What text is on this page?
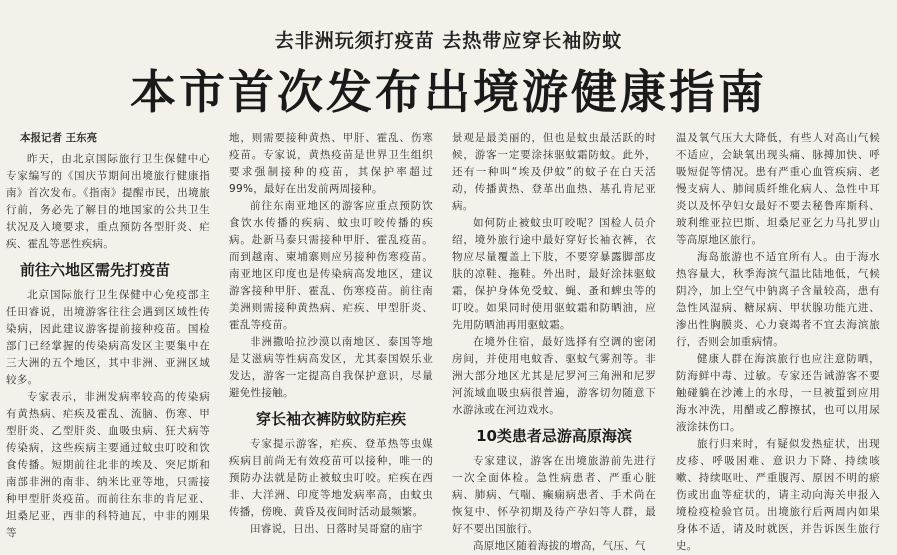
去非洲玩须打疫苗 去热带应穿长袖防蚊
本市首次发布出境游健康指南

本报记者 王东亮

昨天，由北京国际旅行卫生保健中心专家编写的《国庆节期间出境旅行健康指南》首次发布。《指南》提醒市民，出境旅行前，务必先了解目的地国家的公共卫生状况及入境要求，重点预防各型肝炎、疟疾、霍乱等恶性疾病。

前往六地区需先打疫苗

北京国际旅行卫生保健中心免疫部主任田睿说，出境游客往往会遇到区域性传染病，因此建议游客提前接种疫苗。国检部门已经掌握的传染病高发区主要集中在三大洲的五个地区，其中非洲、亚洲区域较多。

专家表示，非洲发病率较高的传染病有黄热病、疟疾及霍乱、流脑、伤寒、甲型肝炎、乙型肝炎、血吸虫病、狂犬病等传染病，这些疾病主要通过蚊虫叮咬和饮食传播。短期前往北非的埃及、突尼斯和南部非洲的南非、纳米比亚等地，只需接种甲型肝炎疫苗。而前往东非的肯尼亚、坦桑尼亚，西非的科特迪瓦，中非的刚果等

地，则需要接种黄热、甲肝、霍乱、伤寒疫苗。专家说，黄热疫苗是世界卫生组织要求强制接种的疫苗，其保护率超过99%，最好在出发前两周接种。

前往东南亚地区的游客应重点预防饮食饮水传播的疾病、蚊虫叮咬传播的疾病。赴新马泰只需接种甲肝、霍乱疫苗。而到越南、柬埔寨则应另接种伤寒疫苗。南亚地区印度也是传染病高发地区，建议游客接种甲肝、霍乱、伤寒疫苗。前往南美洲则需接种黄热病、疟疾、甲型肝炎、霍乱等疫苗。

非洲撒哈拉沙漠以南地区、泰国等地是艾滋病等性病高发区，尤其泰国娱乐业发达，游客一定提高自我保护意识，尽量避免性接触。

穿长袖衣裤防蚊防疟疾

专家提示游客，疟疾、登革热等虫媒疾病目前尚无有效疫苗可以接种，唯一的预防办法就是防止被蚊虫叮咬。疟疾在西非、大洋洲、印度等地发病率高，由蚊虫传播，傍晚、黄昏及夜间时活动最频繁。

田睿说，日出、日落时吴哥窟的庙宇

景观是最美丽的，但也是蚊虫最活跃的时候，游客一定要涂抹驱蚊霜防蚊。此外，还有一种叫“埃及伊蚊”的蚊子在白天活动，传播黄热、登革出血热、基孔肯尼亚病。

如何防止被蚊虫叮咬呢？国检人员介绍，境外旅行途中最好穿好长袖衣裤，衣物应尽量覆盖上下肢，不要穿暴露脚部皮肤的凉鞋、拖鞋。外出时，最好涂抹驱蚊霜，保护身体免受蚊、蝇、蚤和蜱虫等的叮咬。如果同时使用驱蚊霜和防晒油，应先用防晒油再用驱蚊霜。

在境外住宿，最好选择有空调的密闭房间，并使用电蚊香、驱蚊气雾剂等。非洲大部分地区尤其是尼罗河三角洲和尼罗河流域血吸虫病很普遍，游客切勿随意下水游泳或在河边戏水。

10类患者忌游高原海滨

专家建议，游客在出境旅游前先进行一次全面体检。急性病患者、严重心脏病、肺病、气喘、癫痫病患者、手术尚在恢复中、怀孕初期及待产孕妇等人群，最好不要出国旅行。

高原地区随着海拔的增高，气压、气

温及氧气压大大降低，有些人对高山气候不适应，会缺氧出现头痛、脉搏加快、呼吸短促等情况。患有严重心血管疾病、老慢支病人、肺间质纤维化病人、急性中耳炎以及怀孕妇女最好不要去秘鲁库斯科、玻利维亚拉巴斯、坦桑尼亚乞力马扎罗山等高原地区旅行。

海岛旅游也不适宜所有人。由于海水热容量大，秋季海滨气温比陆地低，气候阴冷，加上空气中钠离子含量较高，患有急性风湿病、糖尿病、甲状腺功能亢进、渗出性胸膜炎、心力衰竭者不宜去海滨旅行，否则会加重病情。

健康人群在海滨旅行也应注意防晒，防海鲜中毒、过敏。专家还告诫游客不要触碰躺在沙滩上的水母，一旦被蜇到应用海水冲洗，用醋或乙醇擦拭，也可以用尿液涂抹伤口。

旅行归来时，有疑似发热症状，出现皮疹、呼吸困难、意识力下降、持续咳嗽、持续呕吐、严重腹泻、原因不明的瘀伤或出血等症状的，请主动向海关申报入境检疫检验官员。出境旅行后两周内如果身体不适，请及时就医，并告诉医生旅行史。
